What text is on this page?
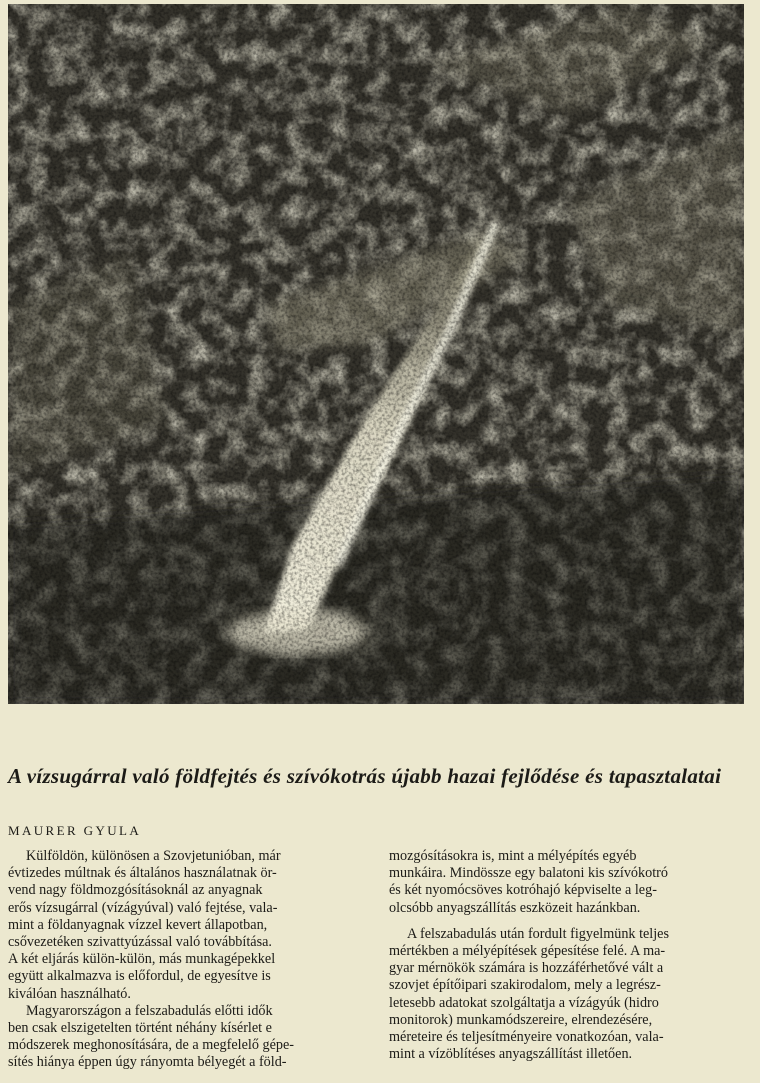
A vízsugárral való földfejtés és szívókotrás újabb hazai fejlődése és tapasztalatai
MAURER GYULA
Külföldön, különösen a Szovjetunióban, már
évtizedes múltnak és általános használatnak ör-
vend nagy földmozgósításoknál az anyagnak
erős vízsugárral (vízágyúval) való fejtése, vala-
mint a földanyagnak vízzel kevert állapotban,
csővezetéken szivattyúzással való továbbítása.
A két eljárás külön-külön, más munkagépekkel
együtt alkalmazva is előfordul, de egyesítve is
kiválóan használható.
Magyarországon a felszabadulás előtti idők
ben csak elszigetelten történt néhány kísérlet e
módszerek meghonosítására, de a megfelelő gépe-
sítés hiánya éppen úgy rányomta bélyegét a föld-
mozgósításokra is, mint a mélyépítés egyéb
munkáira. Mindössze egy balatoni kis szívókotró
és két nyomócsöves kotróhajó képviselte a leg-
olcsóbb anyagszállítás eszközeit hazánkban.
A felszabadulás után fordult figyelmünk teljes
mértékben a mélyépítések gépesítése felé. A ma-
gyar mérnökök számára is hozzáférhetővé vált a
szovjet építőipari szakirodalom, mely a legrész-
letesebb adatokat szolgáltatja a vízágyúk (hidro
monitorok) munkamódszereire, elrendezésére,
méreteire és teljesítményeire vonatkozóan, vala-
mint a vízöblítéses anyagszállítást illetően.
